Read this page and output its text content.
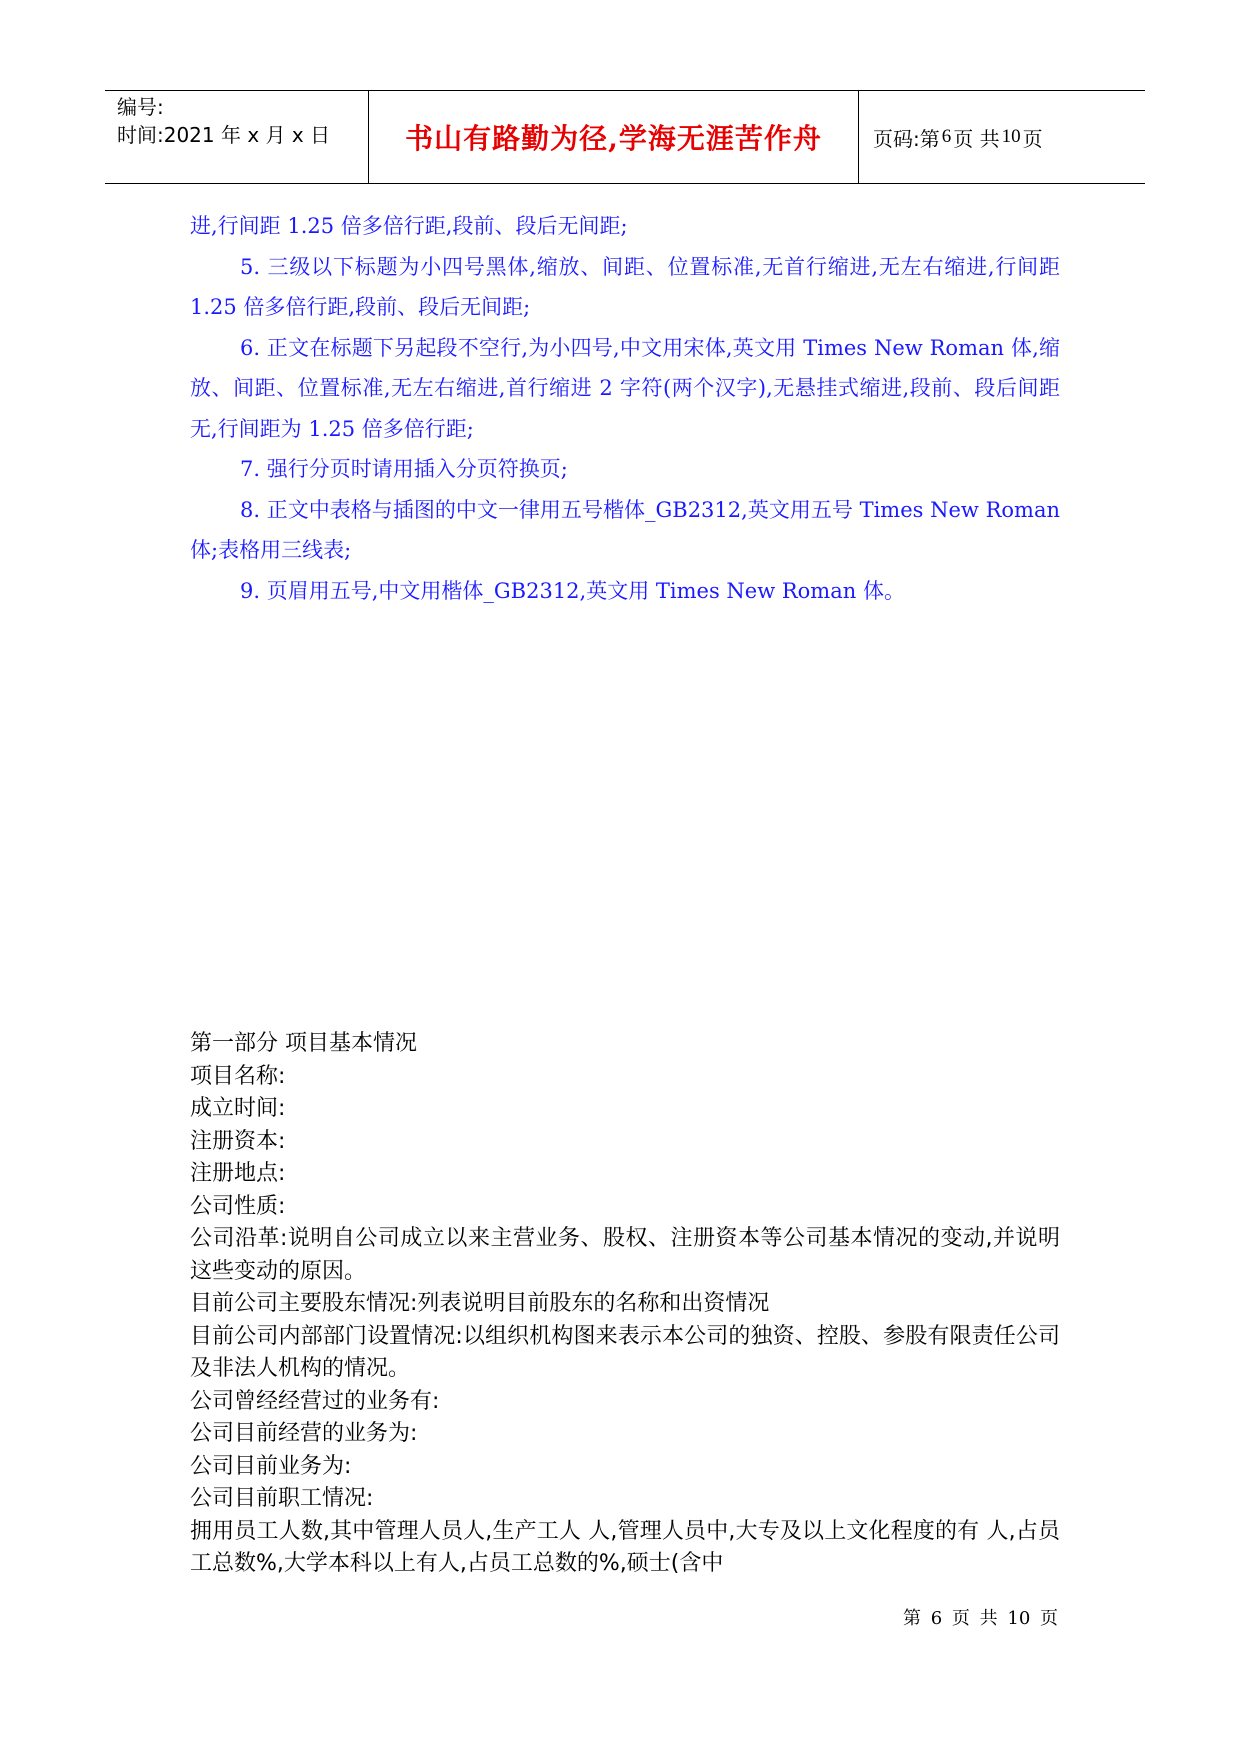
编号:
时间:2021 年 x 月 x 日	书山有路勤为径,学海无涯苦作舟	页码:第 6 页 共 10 页

进,行间距 1.25 倍多倍行距,段前、段后无间距;

5. 三级以下标题为小四号黑体,缩放、间距、位置标准,无首行缩进,无左右缩进,行间距 1.25 倍多倍行距,段前、段后无间距;

6. 正文在标题下另起段不空行,为小四号,中文用宋体,英文用 Times New Roman 体,缩放、间距、位置标准,无左右缩进,首行缩进 2 字符(两个汉字),无悬挂式缩进,段前、段后间距无,行间距为 1.25 倍多倍行距;

7. 强行分页时请用插入分页符换页;

8. 正文中表格与插图的中文一律用五号楷体_GB2312,英文用五号 Times New Roman 体;表格用三线表;

9. 页眉用五号,中文用楷体_GB2312,英文用 Times New Roman 体。

第一部分 项目基本情况

项目名称:

成立时间:

注册资本:

注册地点:

公司性质:

公司沿革:说明自公司成立以来主营业务、股权、注册资本等公司基本情况的变动,并说明这些变动的原因。

目前公司主要股东情况:列表说明目前股东的名称和出资情况

目前公司内部部门设置情况:以组织机构图来表示本公司的独资、控股、参股有限责任公司及非法人机构的情况。

公司曾经经营过的业务有:

公司目前经营的业务为:

公司目前业务为:

公司目前职工情况:

拥用员工人数,其中管理人员人,生产工人 人,管理人员中,大专及以上文化程度的有 人,占员工总数%,大学本科以上有人,占员工总数的%,硕士(含中

第 6 页 共 10 页
